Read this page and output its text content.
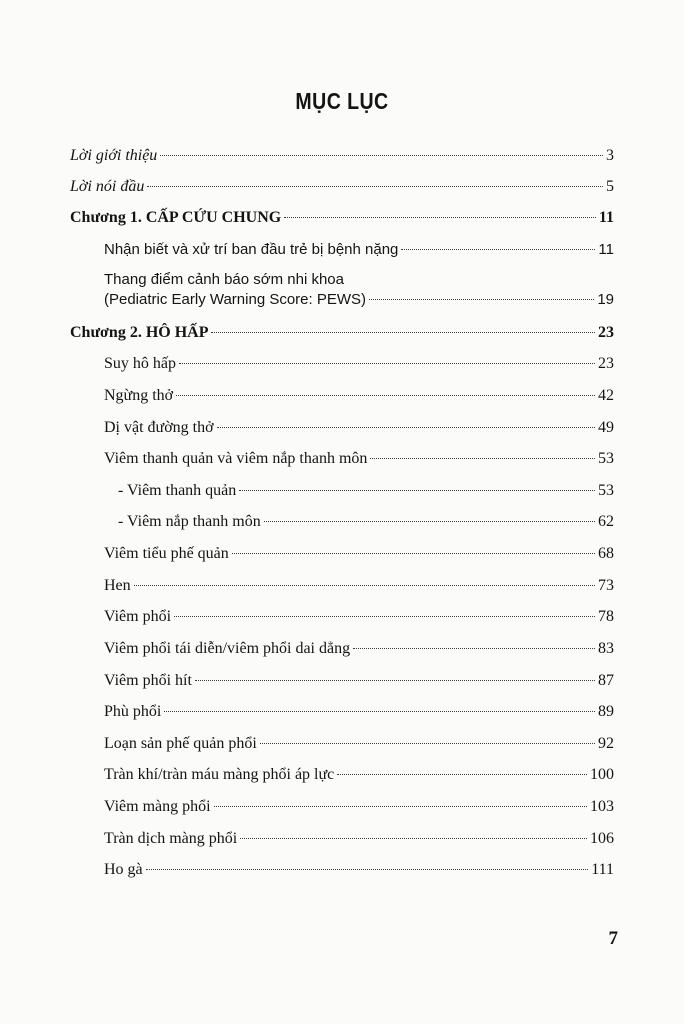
MỤC LỤC
Lời giới thiệu	3
Lời nói đầu	5
Chương 1. CẤP CỨU CHUNG	11
Nhận biết và xử trí ban đầu trẻ bị bệnh nặng	11
Thang điểm cảnh báo sớm nhi khoa
(Pediatric Early Warning Score: PEWS)	19
Chương 2. HÔ HẤP	23
Suy hô hấp	23
Ngừng thở	42
Dị vật đường thở	49
Viêm thanh quản và viêm nắp thanh môn	53
- Viêm thanh quản	53
- Viêm nắp thanh môn	62
Viêm tiểu phế quản	68
Hen	73
Viêm phổi	78
Viêm phổi tái diễn/viêm phổi dai dẳng	83
Viêm phổi hít	87
Phù phổi	89
Loạn sản phế quản phổi	92
Tràn khí/tràn máu màng phổi áp lực	100
Viêm màng phổi	103
Tràn dịch màng phổi	106
Ho gà	111
7
